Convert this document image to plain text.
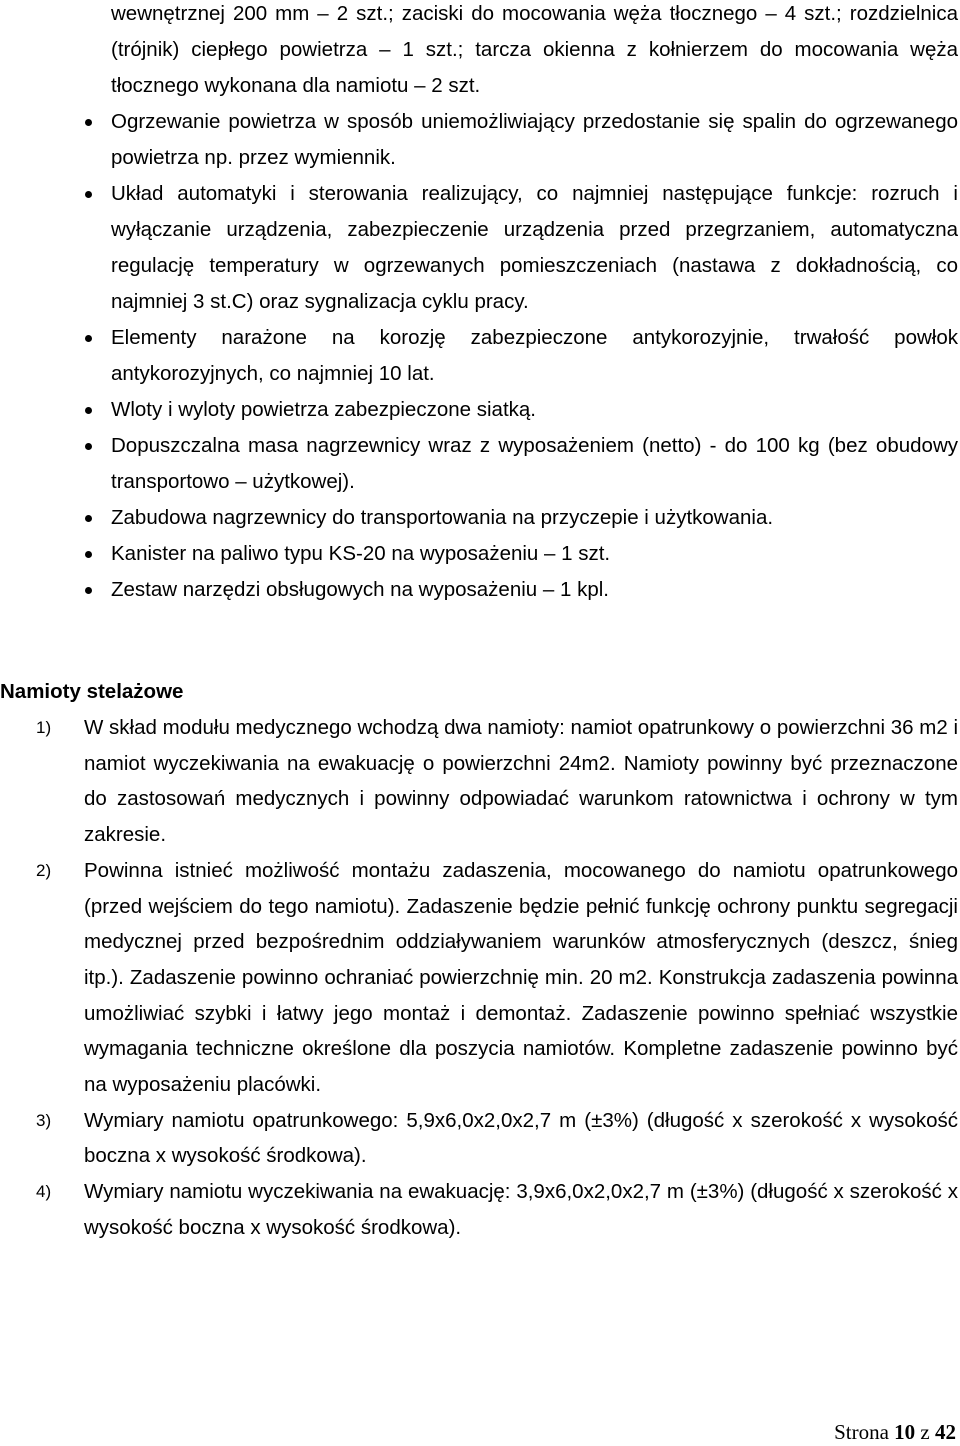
wewnętrznej 200 mm – 2 szt.; zaciski do mocowania węża tłocznego – 4 szt.; rozdzielnica (trójnik) ciepłego powietrza – 1 szt.; tarcza okienna z kołnierzem do mocowania węża tłocznego wykonana dla namiotu – 2 szt.
Ogrzewanie powietrza w sposób uniemożliwiający przedostanie się spalin do ogrzewanego powietrza np. przez wymiennik.
Układ automatyki i sterowania realizujący, co najmniej następujące funkcje: rozruch i wyłączanie urządzenia, zabezpieczenie urządzenia przed przegrzaniem, automatyczna regulację temperatury w ogrzewanych pomieszczeniach (nastawa z dokładnością, co najmniej 3 st.C) oraz sygnalizacja cyklu pracy.
Elementy narażone na korozję zabezpieczone antykorozyjnie, trwałość powłok antykorozyjnych, co najmniej 10 lat.
Wloty i wyloty powietrza zabezpieczone siatką.
Dopuszczalna masa nagrzewnicy wraz z wyposażeniem (netto) - do 100 kg (bez obudowy transportowo – użytkowej).
Zabudowa nagrzewnicy do transportowania na przyczepie i użytkowania.
Kanister na paliwo typu KS-20 na wyposażeniu – 1 szt.
Zestaw narzędzi obsługowych na wyposażeniu – 1 kpl.
Namioty stelażowe
1) W skład modułu medycznego wchodzą dwa namioty: namiot opatrunkowy o powierzchni 36 m2 i namiot wyczekiwania na ewakuację o powierzchni 24m2. Namioty powinny być przeznaczone do zastosowań medycznych i powinny odpowiadać warunkom ratownictwa i ochrony w tym zakresie.
2) Powinna istnieć możliwość montażu zadaszenia, mocowanego do namiotu opatrunkowego (przed wejściem do tego namiotu). Zadaszenie będzie pełnić funkcję ochrony punktu segregacji medycznej przed bezpośrednim oddziaływaniem warunków atmosferycznych (deszcz, śnieg itp.). Zadaszenie powinno ochraniać powierzchnię min. 20 m2. Konstrukcja zadaszenia powinna umożliwiać szybki i łatwy jego montaż i demontaż. Zadaszenie powinno spełniać wszystkie wymagania techniczne określone dla poszycia namiotów. Kompletne zadaszenie powinno być na wyposażeniu placówki.
3) Wymiary namiotu opatrunkowego: 5,9x6,0x2,0x2,7 m (±3%) (długość x szerokość x wysokość boczna x wysokość środkowa).
4) Wymiary namiotu wyczekiwania na ewakuację: 3,9x6,0x2,0x2,7 m (±3%) (długość x szerokość x wysokość boczna x wysokość środkowa).
Strona 10 z 42
